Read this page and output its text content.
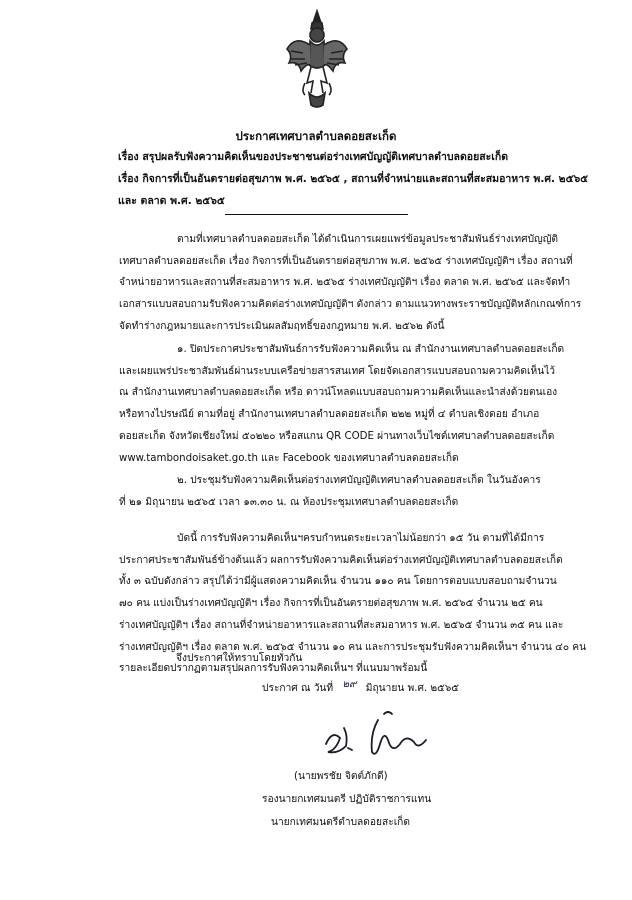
ประกาศเทศบาลตำบลดอยสะเก็ด
เรื่อง สรุปผลรับฟังความคิดเห็นของประชาชนต่อร่างเทศบัญญัติเทศบาลตำบลดอยสะเก็ด
เรื่อง กิจการที่เป็นอันตรายต่อสุขภาพ พ.ศ. ๒๕๖๕ , สถานที่จำหน่ายและสถานที่สะสมอาหาร พ.ศ. ๒๕๖๕
และ ตลาด พ.ศ. ๒๕๖๕
ตามที่เทศบาลตำบลดอยสะเก็ด ได้ดำเนินการเผยแพร่ข้อมูลประชาสัมพันธ์ร่างเทศบัญญัติ
เทศบาลตำบลดอยสะเก็ด เรื่อง กิจการที่เป็นอันตรายต่อสุขภาพ พ.ศ. ๒๕๖๕ ร่างเทศบัญญัติฯ เรื่อง สถานที่
จำหน่ายอาหารและสถานที่สะสมอาหาร พ.ศ. ๒๕๖๕ ร่างเทศบัญญัติฯ เรื่อง ตลาด พ.ศ. ๒๕๖๕ และจัดทำ
เอกสารแบบสอบถามรับฟังความคิดต่อร่างเทศบัญญัติฯ ดังกล่าว ตามแนวทางพระราชบัญญัติหลักเกณฑ์การ
จัดทำร่างกฎหมายและการประเมินผลสัมฤทธิ์ของกฎหมาย พ.ศ. ๒๕๖๒ ดังนี้
๑. ปิดประกาศประชาสัมพันธ์การรับฟังความคิดเห็น ณ สำนักงานเทศบาลตำบลดอยสะเก็ด
และเผยแพร่ประชาสัมพันธ์ผ่านระบบเครือข่ายสารสนเทศ โดยจัดเอกสารแบบสอบถามความคิดเห็นไว้
ณ สำนักงานเทศบาลตำบลดอยสะเก็ด หรือ ดาวน์โหลดแบบสอบถามความคิดเห็นและนำส่งด้วยตนเอง
หรือทางไปรษณีย์ ตามที่อยู่ สำนักงานเทศบาลตำบลดอยสะเก็ด ๒๒๒ หมู่ที่ ๔ ตำบลเชิงดอย อำเภอ
ดอยสะเก็ด จังหวัดเชียงใหม่ ๕๐๒๒๐ หรือสแกน QR CODE ผ่านทางเว็บไซต์เทศบาลตำบลดอยสะเก็ด
www.tambondoisaket.go.th และ Facebook ของเทศบาลตำบลดอยสะเก็ด
๒. ประชุมรับฟังความคิดเห็นต่อร่างเทศบัญญัติเทศบาลตำบลดอยสะเก็ด ในวันอังคาร
ที่ ๒๑ มิถุนายน ๒๕๖๕ เวลา ๑๓.๓๐ น. ณ ห้องประชุมเทศบาลตำบลดอยสะเก็ด
บัดนี้ การรับฟังความคิดเห็นฯครบกำหนดระยะเวลาไม่น้อยกว่า ๑๕ วัน ตามที่ได้มีการ
ประกาศประชาสัมพันธ์ข้างต้นแล้ว ผลการรับฟังความคิดเห็นต่อร่างเทศบัญญัติเทศบาลตำบลดอยสะเก็ด
ทั้ง ๓ ฉบับดังกล่าว สรุปได้ว่ามีผู้แสดงความคิดเห็น จำนวน ๑๑๐ คน โดยการตอบแบบสอบถามจำนวน
๗๐ คน แบ่งเป็นร่างเทศบัญญัติฯ เรื่อง กิจการที่เป็นอันตรายต่อสุขภาพ พ.ศ. ๒๕๖๕ จำนวน ๒๕ คน
ร่างเทศบัญญัติฯ เรื่อง สถานที่จำหน่ายอาหารและสถานที่สะสมอาหาร พ.ศ. ๒๕๖๕ จำนวน ๓๕ คน และ
ร่างเทศบัญญัติฯ เรื่อง ตลาด พ.ศ. ๒๕๖๕ จำนวน ๑๐ คน และการประชุมรับฟังความคิดเห็นฯ จำนวน ๔๐ คน
รายละเอียดปรากฏตามสรุปผลการรับฟังความคิดเห็นฯ ที่แนบมาพร้อมนี้
จึงประกาศให้ทราบโดยทั่วกัน
ประกาศ ณ วันที่ ๒๙ มิถุนายน พ.ศ. ๒๕๖๕
(นายพรชัย จิตต์ภักดี)
รองนายกเทศมนตรี ปฏิบัติราชการแทน
นายกเทศมนตรีตำบลดอยสะเก็ด
